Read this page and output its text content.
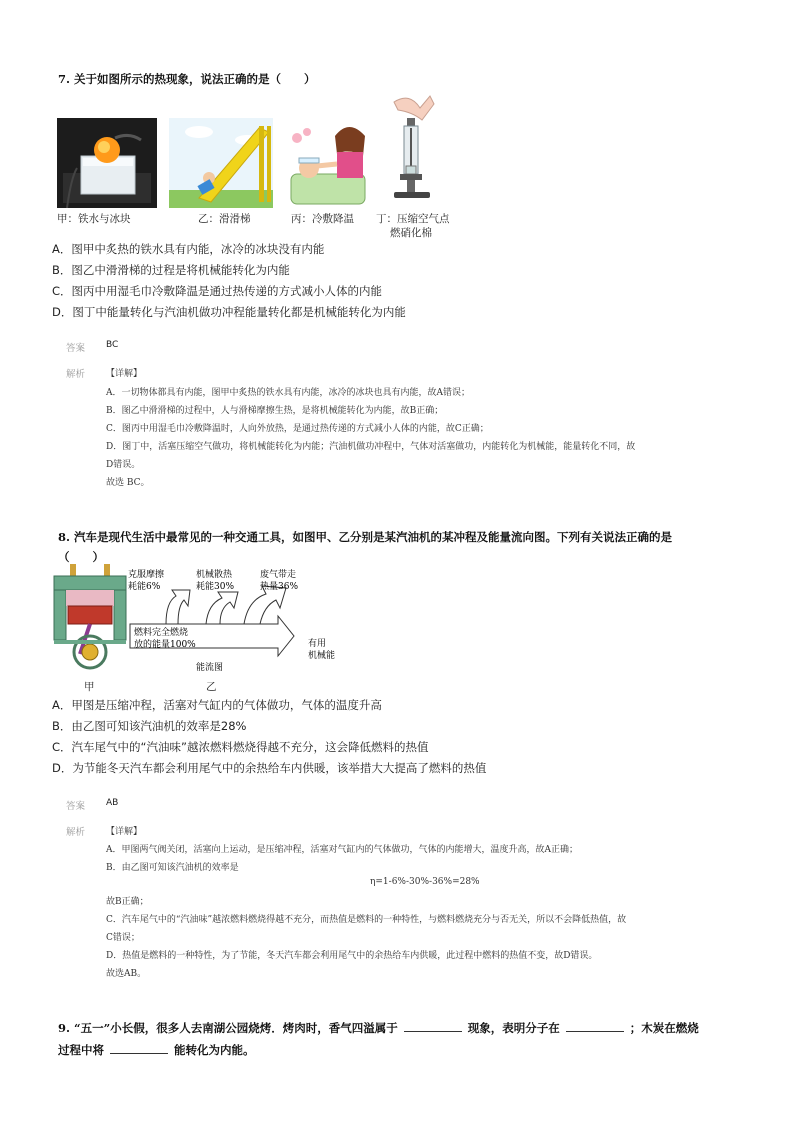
7. 关于如图所示的热现象，说法正确的是（　　）
甲：铁水与冰块	乙：滑滑梯	丙：冷敷降温 丁：压缩空气点
燃硝化棉
A．图甲中炙热的铁水具有内能，冰冷的冰块没有内能
B．图乙中滑滑梯的过程是将机械能转化为内能
C．图丙中用湿毛巾冷敷降温是通过热传递的方式减小人体的内能
D．图丁中能量转化与汽油机做功冲程能量转化都是机械能转化为内能
答案 BC
解析 【详解】
A．一切物体都具有内能，图甲中炙热的铁水具有内能，冰冷的冰块也具有内能，故A错误；
B．图乙中滑滑梯的过程中，人与滑梯摩擦生热，是将机械能转化为内能，故B正确；
C．图丙中用湿毛巾冷敷降温时，人向外放热，是通过热传递的方式减小人体的内能，故C正确；
D．图丁中，活塞压缩空气做功，将机械能转化为内能；汽油机做功冲程中，气体对活塞做功，内能转化为机械能，能量转化不同，故
D错误。
故选 BC。
8. 汽车是现代生活中最常见的一种交通工具，如图甲、乙分别是某汽油机的某冲程及能量流向图。下列有关说法正确的是
（　　）
甲
克服摩擦
耗能6%
机械散热
耗能30%
废气带走
热量36%
燃料完全燃烧
放的能量100%	有用
机械能
能流图
乙
A．甲图是压缩冲程，活塞对气缸内的气体做功，气体的温度升高
B．由乙图可知该汽油机的效率是28%
C．汽车尾气中的“汽油味”越浓燃料燃烧得越不充分，这会降低燃料的热值
D．为节能冬天汽车都会利用尾气中的余热给车内供暖，该举措大大提高了燃料的热值
答案 AB
解析 【详解】
A．甲图两气阀关闭，活塞向上运动，是压缩冲程，活塞对气缸内的气体做功，气体的内能增大，温度升高，故A正确；
B．由乙图可知该汽油机的效率是
η=1-6%-30%-36%=28%
故B正确；
C．汽车尾气中的“汽油味”越浓燃料燃烧得越不充分，而热值是燃料的一种特性，与燃料燃烧充分与否无关，所以不会降低热值，故
C错误；
D．热值是燃料的一种特性，为了节能，冬天汽车都会利用尾气中的余热给车内供暖，此过程中燃料的热值不变，故D错误。
故选AB。
9. “五一”小长假，很多人去南湖公园烧烤．烤肉时，香气四溢属于	现象，表明分子在	；木炭在燃烧
过程中将	能转化为内能。
